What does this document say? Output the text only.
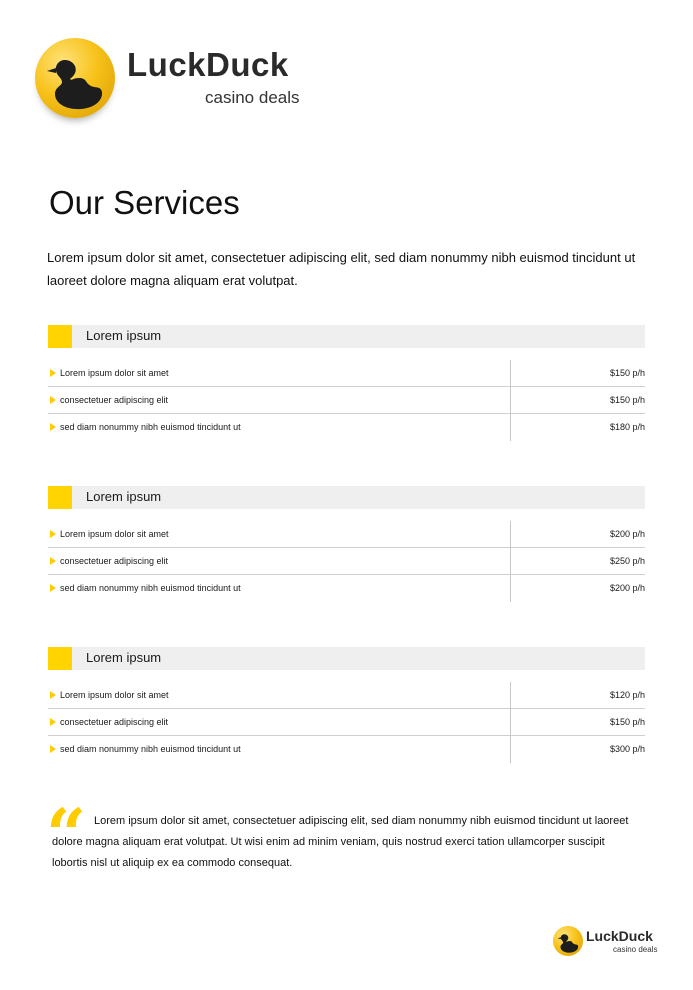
LuckDuck
casino deals
Our Services

Lorem ipsum dolor sit amet, consectetuer adipiscing elit, sed diam nonummy nibh euismod tincidunt ut laoreet dolore magna aliquam erat volutpat.

Lorem ipsum
Lorem ipsum dolor sit amet	$150 p/h
consectetuer adipiscing elit	$150 p/h
sed diam nonummy nibh euismod tincidunt ut	$180 p/h
Lorem ipsum
Lorem ipsum dolor sit amet	$200 p/h
consectetuer adipiscing elit	$250 p/h
sed diam nonummy nibh euismod tincidunt ut	$200 p/h
Lorem ipsum
Lorem ipsum dolor sit amet	$120 p/h
consectetuer adipiscing elit	$150 p/h
sed diam nonummy nibh euismod tincidunt ut	$300 p/h
“ Lorem ipsum dolor sit amet, consectetuer adipiscing elit, sed diam nonummy nibh euismod tincidunt ut laoreet dolore magna aliquam erat volutpat. Ut wisi enim ad minim veniam, quis nostrud exerci tation ullamcorper suscipit lobortis nisl ut aliquip ex ea commodo consequat.

LuckDuck
casino deals
